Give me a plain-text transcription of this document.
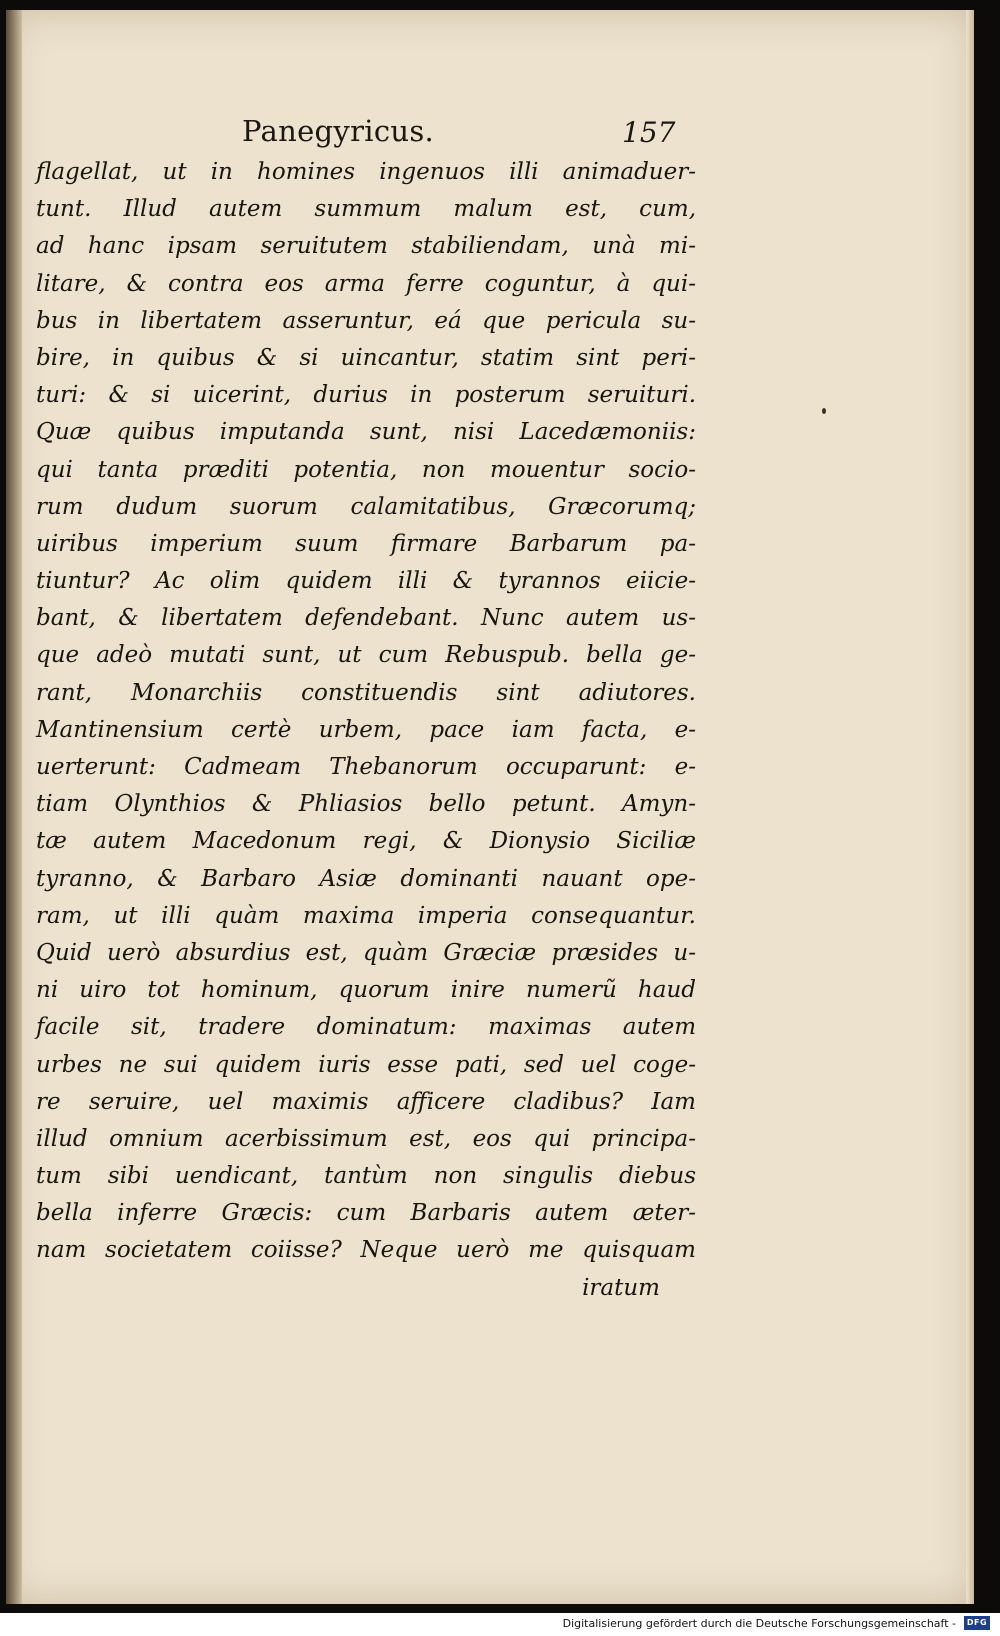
Panegyricus.	157
flagellat, ut in homines ingenuos illi animaduer-
tunt. Illud autem summum malum est, cum,
ad hanc ipsam seruitutem stabiliendam, unà mi-
litare, & contra eos arma ferre coguntur, à qui-
bus in libertatem asseruntur, eá que pericula su-
bire, in quibus & si uincantur, statim sint peri-
turi: & si uicerint, durius in posterum seruituri.
Quæ quibus imputanda sunt, nisi Lacedæmoniis:
qui tanta præditi potentia, non mouentur socio-
rum dudum suorum calamitatibus, Græcorumq;
uiribus imperium suum firmare Barbarum pa-
tiuntur? Ac olim quidem illi & tyrannos eiicie-
bant, & libertatem defendebant. Nunc autem us-
que adeò mutati sunt, ut cum Rebuspub. bella ge-
rant, Monarchiis constituendis sint adiutores.
Mantinensium certè urbem, pace iam facta, e-
uerterunt: Cadmeam Thebanorum occuparunt: e-
tiam Olynthios & Phliasios bello petunt. Amyn-
tæ autem Macedonum regi, & Dionysio Siciliæ
tyranno, & Barbaro Asiæ dominanti nauant ope-
ram, ut illi quàm maxima imperia consequantur.
Quid uerò absurdius est, quàm Græciæ præsides u-
ni uiro tot hominum, quorum inire numerũ haud
facile sit, tradere dominatum: maximas autem
urbes ne sui quidem iuris esse pati, sed uel coge-
re seruire, uel maximis afficere cladibus? Iam
illud omnium acerbissimum est, eos qui principa-
tum sibi uendicant, tantùm non singulis diebus
bella inferre Græcis: cum Barbaris autem æter-
nam societatem coiisse? Neque uerò me quisquam
iratum
Digitalisierung gefördert durch die Deutsche Forschungsgemeinschaft -	DFG
